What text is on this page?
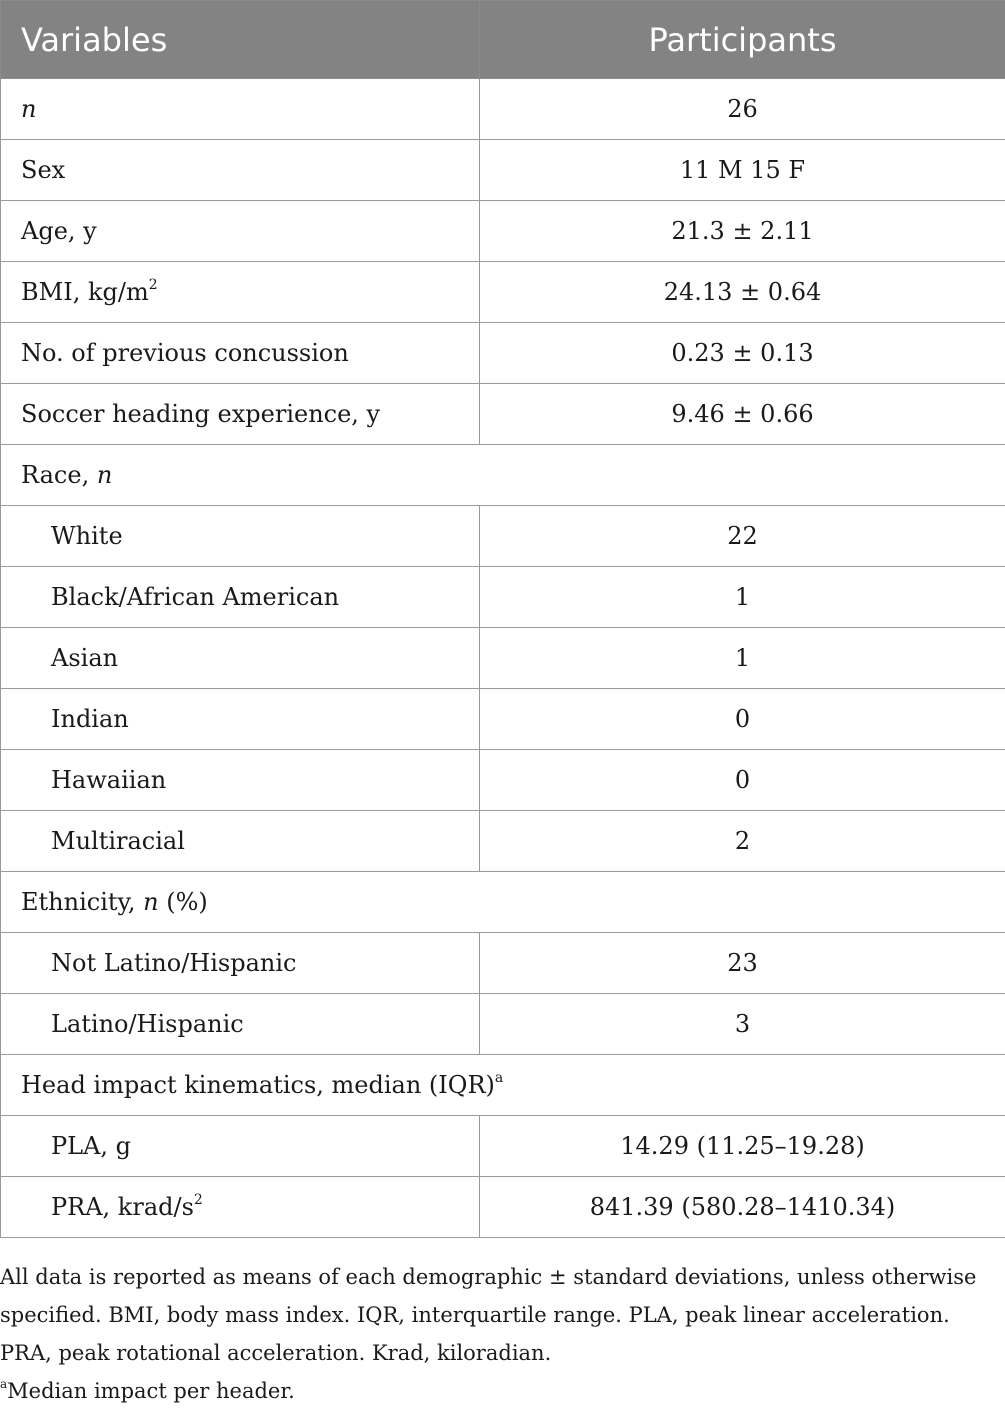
Variables	Participants
n	26
Sex	11 M 15 F
Age, y	21.3 ± 2.11
BMI, $kg/m^2$	24.13 ± 0.64
No. of previous concussion	0.23 ± 0.13
Soccer heading experience, y	9.46 ± 0.66
Race, n	
White	22
Black/African American	1
Asian	1
Indian	0
Hawaiian	0
Multiracial	2
Ethnicity, n (%)	
Not Latino/Hispanic	23
Latino/Hispanic	3
Head impact kinematics, median (IQR)$^a$
PLA, g	14.29 (11.25–19.28)
PRA, krad/$s^2$	841.39 (580.28–1410.34)

All data is reported as means of each demographic ± standard deviations, unless otherwise specified. BMI, body mass index. IQR, interquartile range. PLA, peak linear acceleration. PRA, peak rotational acceleration. Krad, kiloradian.

$^a$Median impact per header.
